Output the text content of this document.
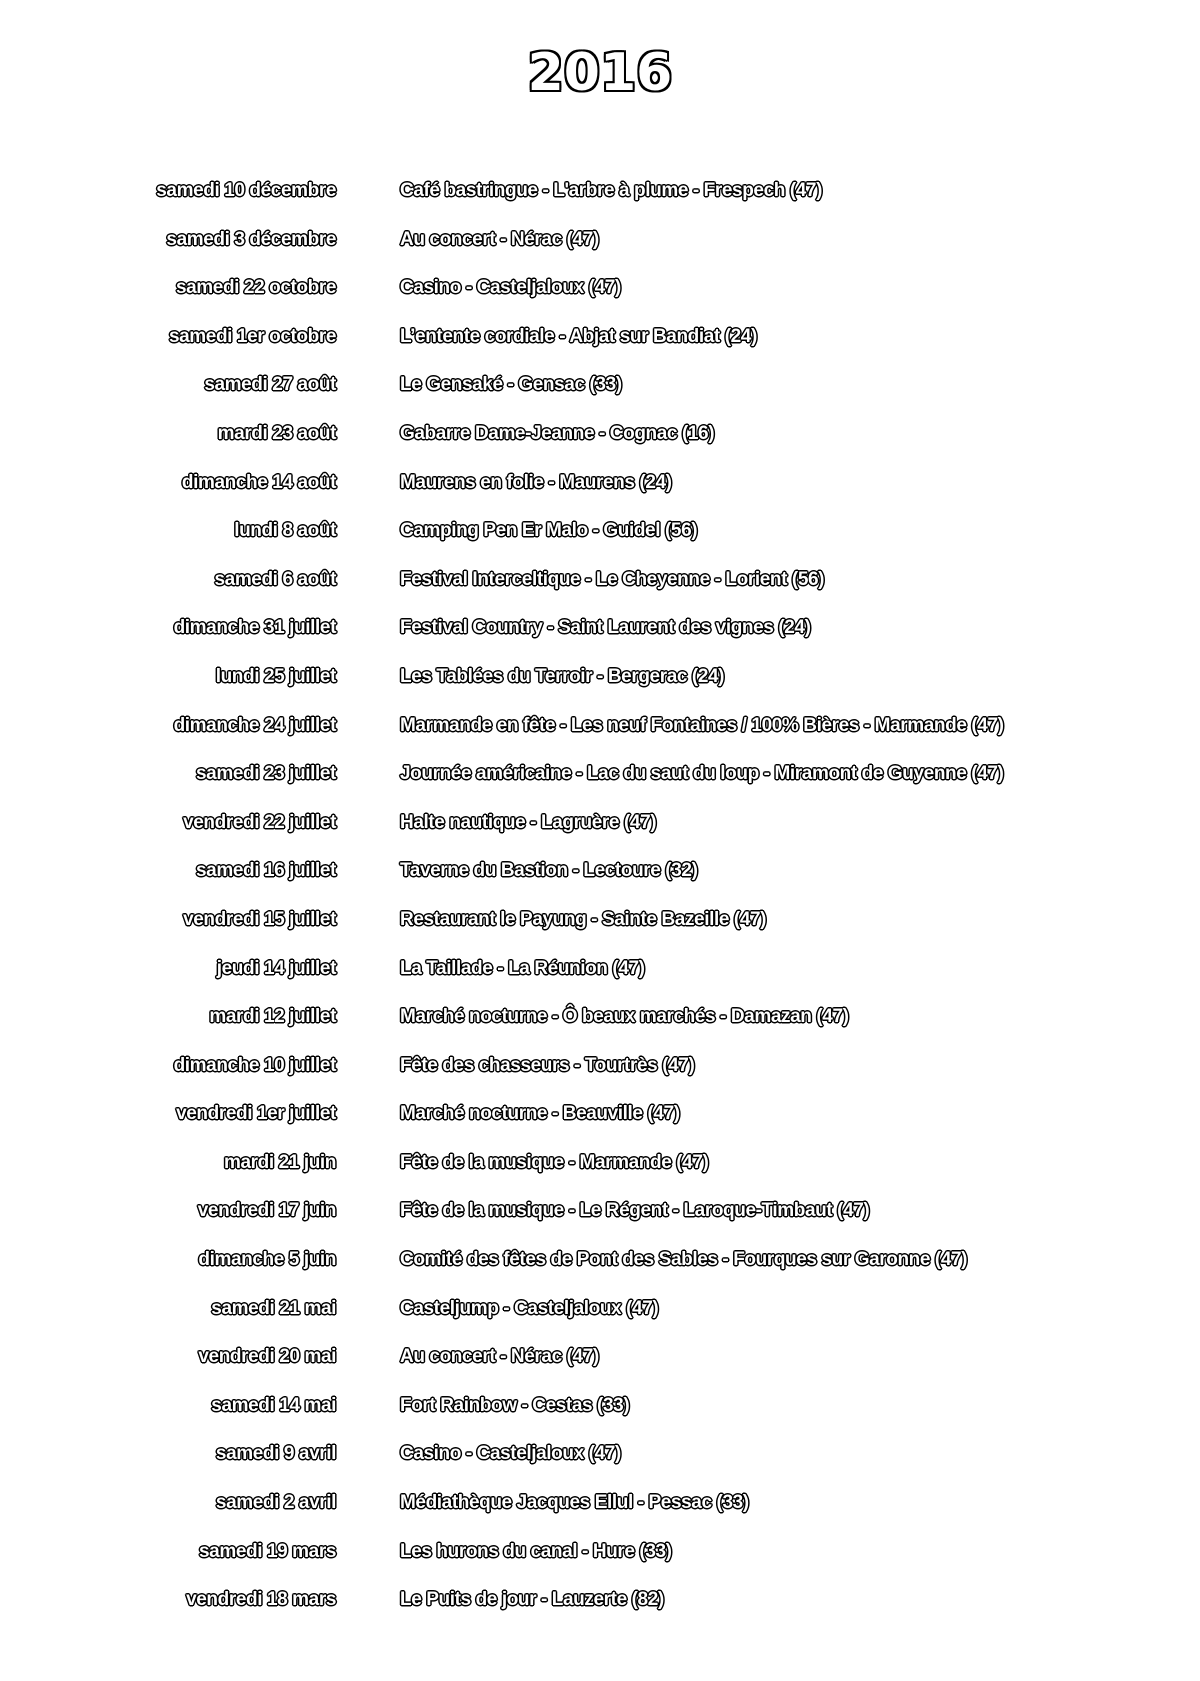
2016
samedi 10 décembre	Café bastringue - L'arbre à plume - Frespech (47)
samedi 3 décembre	Au concert - Nérac (47)
samedi 22 octobre	Casino - Casteljaloux (47)
samedi 1er octobre	L’entente cordiale - Abjat sur Bandiat (24)
samedi 27 août	Le Gensaké - Gensac (33)
mardi 23 août	Gabarre Dame-Jeanne - Cognac (16)
dimanche 14 août	Maurens en folie - Maurens (24)
lundi 8 août	Camping Pen Er Malo - Guidel (56)
samedi 6 août	Festival Interceltique - Le Cheyenne - Lorient (56)
dimanche 31 juillet	Festival Country - Saint Laurent des vignes (24)
lundi 25 juillet	Les Tablées du Terroir - Bergerac (24)
dimanche 24 juillet	Marmande en fête - Les neuf Fontaines / 100% Bières - Marmande (47)
samedi 23 juillet	Journée américaine - Lac du saut du loup - Miramont de Guyenne (47)
vendredi 22 juillet	Halte nautique - Lagruère (47)
samedi 16 juillet	Taverne du Bastion - Lectoure (32)
vendredi 15 juillet	Restaurant le Payung - Sainte Bazeille (47)
jeudi 14 juillet	La Taillade - La Réunion (47)
mardi 12 juillet	Marché nocturne - Ô beaux marchés - Damazan (47)
dimanche 10 juillet	Fête des chasseurs - Tourtrès (47)
vendredi 1er juillet	Marché nocturne - Beauville (47)
mardi 21 juin	Fête de la musique - Marmande (47)
vendredi 17 juin	Fête de la musique - Le Régent - Laroque-Timbaut (47)
dimanche 5 juin	Comité des fêtes de Pont des Sables - Fourques sur Garonne (47)
samedi 21 mai	Casteljump - Casteljaloux (47)
vendredi 20 mai	Au concert - Nérac (47)
samedi 14 mai	Fort Rainbow - Cestas (33)
samedi 9 avril	Casino - Casteljaloux (47)
samedi 2 avril	Médiathèque Jacques Ellul - Pessac (33)
samedi 19 mars	Les hurons du canal - Hure (33)
vendredi 18 mars	Le Puits de jour - Lauzerte (82)
